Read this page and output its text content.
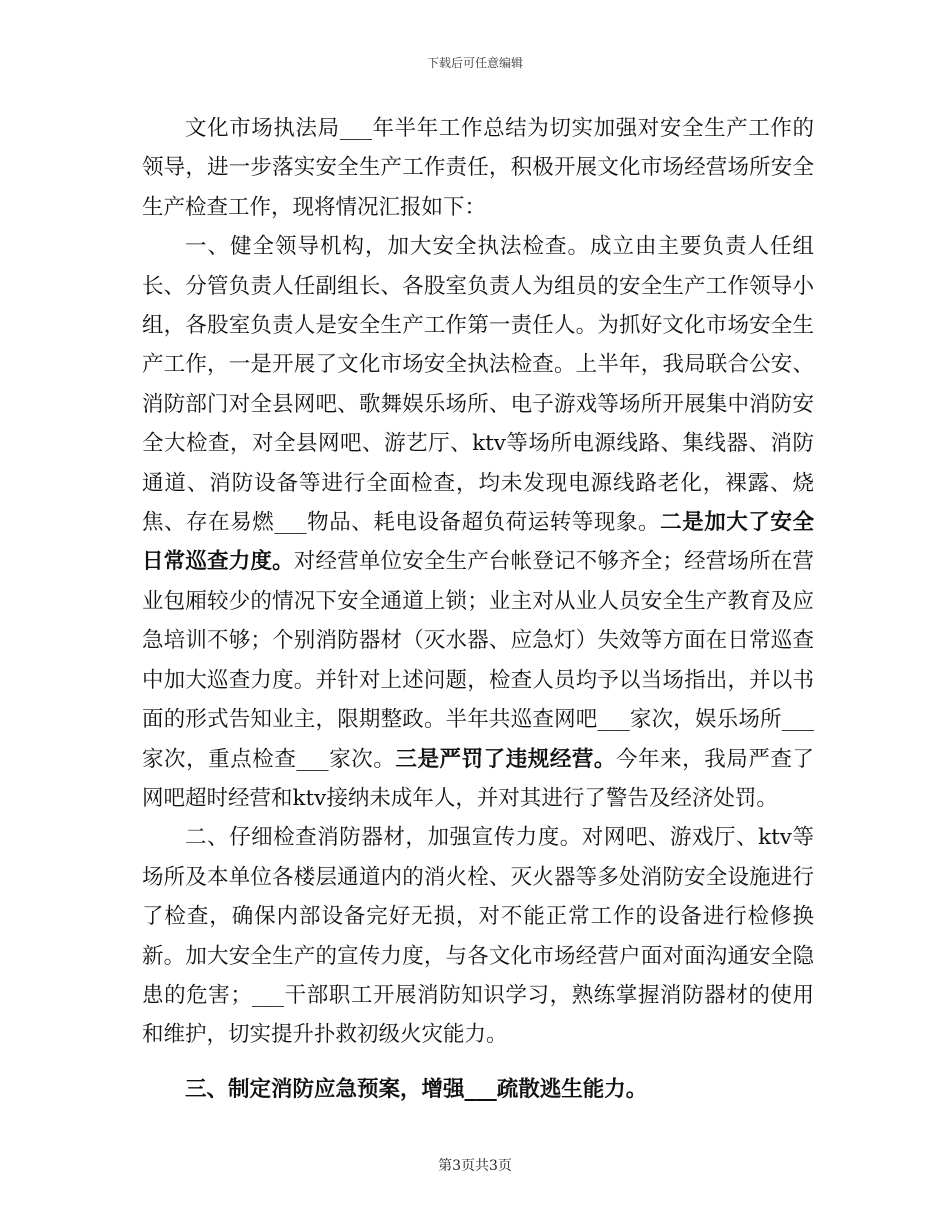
下载后可任意编辑

文化市场执法局___年半年工作总结为切实加强对安全生产工作的领导，进一步落实安全生产工作责任，积极开展文化市场经营场所安全生产检查工作，现将情况汇报如下：

一、健全领导机构，加大安全执法检查。成立由主要负责人任组长、分管负责人任副组长、各股室负责人为组员的安全生产工作领导小组，各股室负责人是安全生产工作第一责任人。为抓好文化市场安全生产工作，一是开展了文化市场安全执法检查。上半年，我局联合公安、消防部门对全县网吧、歌舞娱乐场所、电子游戏等场所开展集中消防安全大检查，对全县网吧、游艺厅、ktv等场所电源线路、集线器、消防通道、消防设备等进行全面检查，均未发现电源线路老化，裸露、烧焦、存在易燃___物品、耗电设备超负荷运转等现象。二是加大了安全日常巡查力度。对经营单位安全生产台帐登记不够齐全；经营场所在营业包厢较少的情况下安全通道上锁；业主对从业人员安全生产教育及应急培训不够；个别消防器材（灭水器、应急灯）失效等方面在日常巡查中加大巡查力度。并针对上述问题，检查人员均予以当场指出，并以书面的形式告知业主，限期整政。半年共巡查网吧___家次，娱乐场所___家次，重点检查___家次。三是严罚了违规经营。今年来，我局严查了网吧超时经营和ktv接纳未成年人，并对其进行了警告及经济处罚。

二、仔细检查消防器材，加强宣传力度。对网吧、游戏厅、ktv等场所及本单位各楼层通道内的消火栓、灭火器等多处消防安全设施进行了检查，确保内部设备完好无损，对不能正常工作的设备进行检修换新。加大安全生产的宣传力度，与各文化市场经营户面对面沟通安全隐患的危害；___干部职工开展消防知识学习，熟练掌握消防器材的使用和维护，切实提升扑救初级火灾能力。

三、制定消防应急预案，增强___疏散逃生能力。

第3页共3页
